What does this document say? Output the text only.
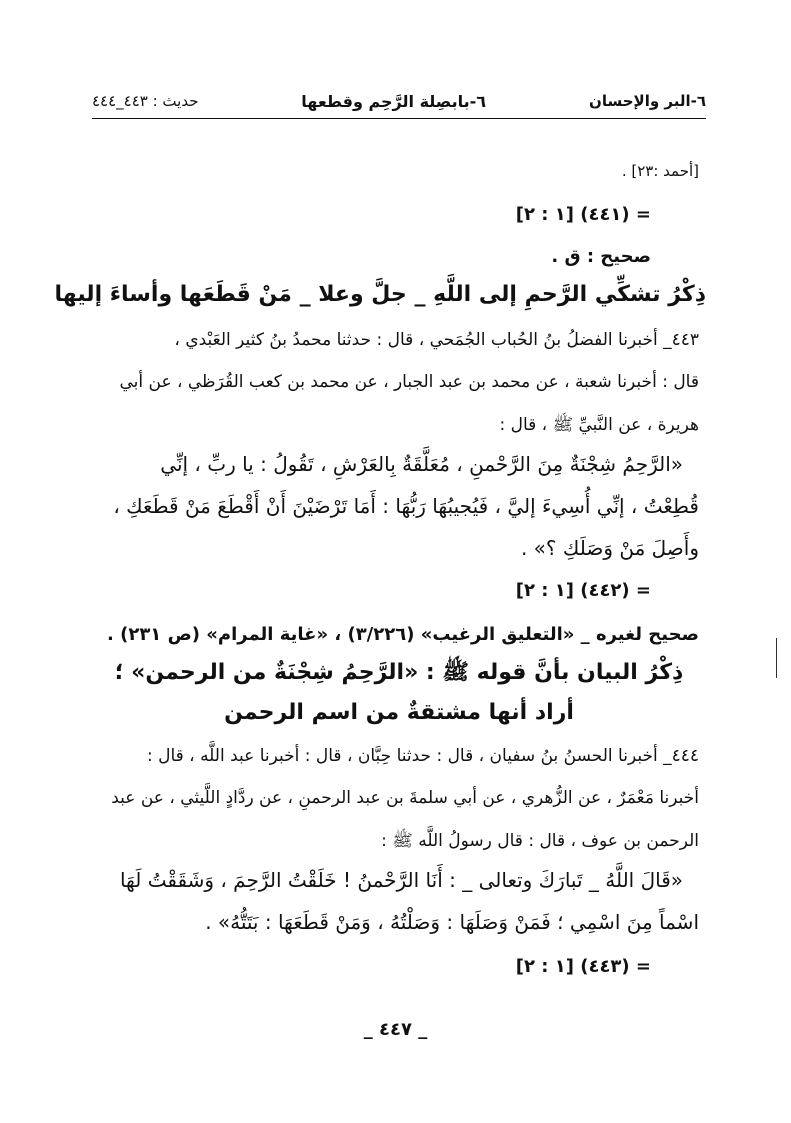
٦-البر والإحسان
٦-بابصِلة الرَّحِم وقطعها
حديث : ٤٤٣_٤٤٤
[أحمد :٢٣] .
= (٤٤١) [١ : ٢]
صحيح : ق .
ذِكْرُ تشكِّي الرَّحمِ إلى اللَّهِ _ جلَّ وعلا _ مَنْ قَطَعَها وأساءَ إليها
٤٤٣_ أخبرنا الفضلُ بنُ الحُباب الجُمَحي ، قال : حدثنا محمدُ بنُ كثير العَبْدي ،
قال : أخبرنا شعبة ، عن محمد بن عبد الجبار ، عن محمد بن كعب القُرَظي ، عن أبي
هريرة ، عن النَّبيِّ ﷺ ، قال :
«الرَّحِمُ شِجْنَةٌ مِنَ الرَّحْمنِ ، مُعَلَّقَةٌ بِالعَرْشِ ، تَقُولُ : يا ربِّ ، إنِّي
قُطِعْتُ ، إنِّي أُسِيءَ إليَّ ، فَيُجيبُهَا رَبُّهَا : أَمَا تَرْضَيْنَ أَنْ أَقْطَعَ مَنْ قَطَعَكِ ،
وأَصِلَ مَنْ وَصَلَكِ ؟» .
= (٤٤٢) [١ : ٢]
صحيح لغيره _ «التعليق الرغيب» (٣/٢٢٦) ، «غاية المرام» (ص ٢٣١) .
ذِكْرُ البيان بأنَّ قوله ﷺ : «الرَّحِمُ شِجْنَةٌ من الرحمن» ؛
أراد أنها مشتقةٌ من اسم الرحمن
٤٤٤_ أخبرنا الحسنُ بنُ سفيان ، قال : حدثنا حِبَّان ، قال : أخبرنا عبد اللَّه ، قال :
أخبرنا مَعْمَرٌ ، عن الزُّهري ، عن أبي سلمةَ بن عبد الرحمنِ ، عن ردَّادٍ اللَّيثي ، عن عبد
الرحمن بن عوف ، قال : قال رسولُ اللَّه ﷺ :
«قَالَ اللَّهُ _ تَبارَكَ وتعالى _ : أَنَا الرَّحْمنُ ! خَلَقْتُ الرَّحِمَ ، وَشَقَقْتُ لَهَا
اسْماً مِنَ اسْمِي ؛ فَمَنْ وَصَلَهَا : وَصَلْتُهُ ، وَمَنْ قَطَعَهَا : بَتَتُّهُ» .
= (٤٤٣) [١ : ٢]
_ ٤٤٧ _
